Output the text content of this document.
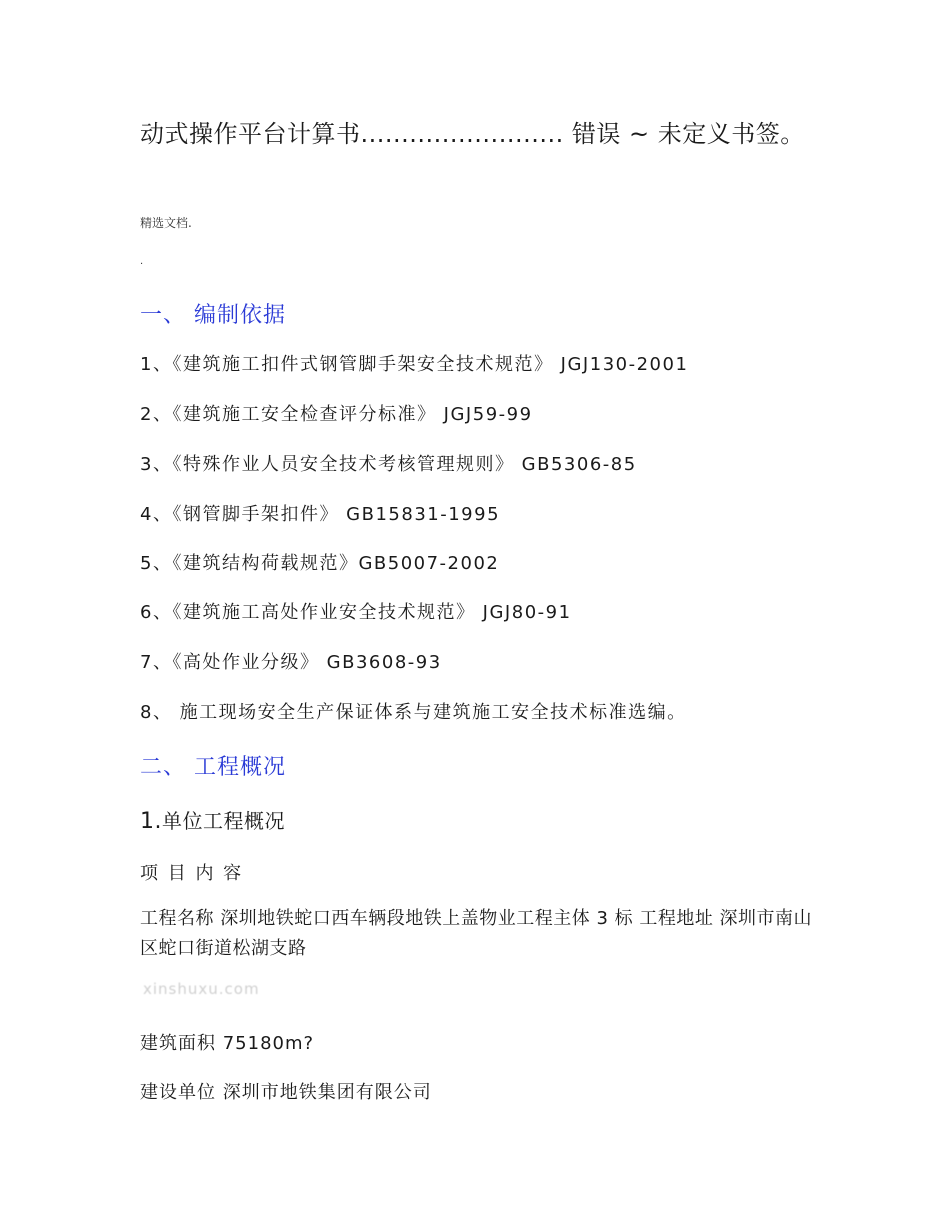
动式操作平台计算书......................... 错误 ~ 未定义书签。
精选文档.
.
一、 编制依据
1、《建筑施工扣件式钢管脚手架安全技术规范》 JGJ130-2001
2、《建筑施工安全检查评分标准》 JGJ59-99
3、《特殊作业人员安全技术考核管理规则》 GB5306-85
4、《钢管脚手架扣件》 GB15831-1995
5、《建筑结构荷载规范》GB5007-2002
6、《建筑施工高处作业安全技术规范》 JGJ80-91
7、《高处作业分级》 GB3608-93
8、 施工现场安全生产保证体系与建筑施工安全技术标准选编。
二、 工程概况
1.单位工程概况
项 目 内 容
工程名称 深圳地铁蛇口西车辆段地铁上盖物业工程主体 3 标 工程地址 深圳市南山区蛇口街道松湖支路
xinshuxu.com
建筑面积 75180m?
建设单位 深圳市地铁集团有限公司
